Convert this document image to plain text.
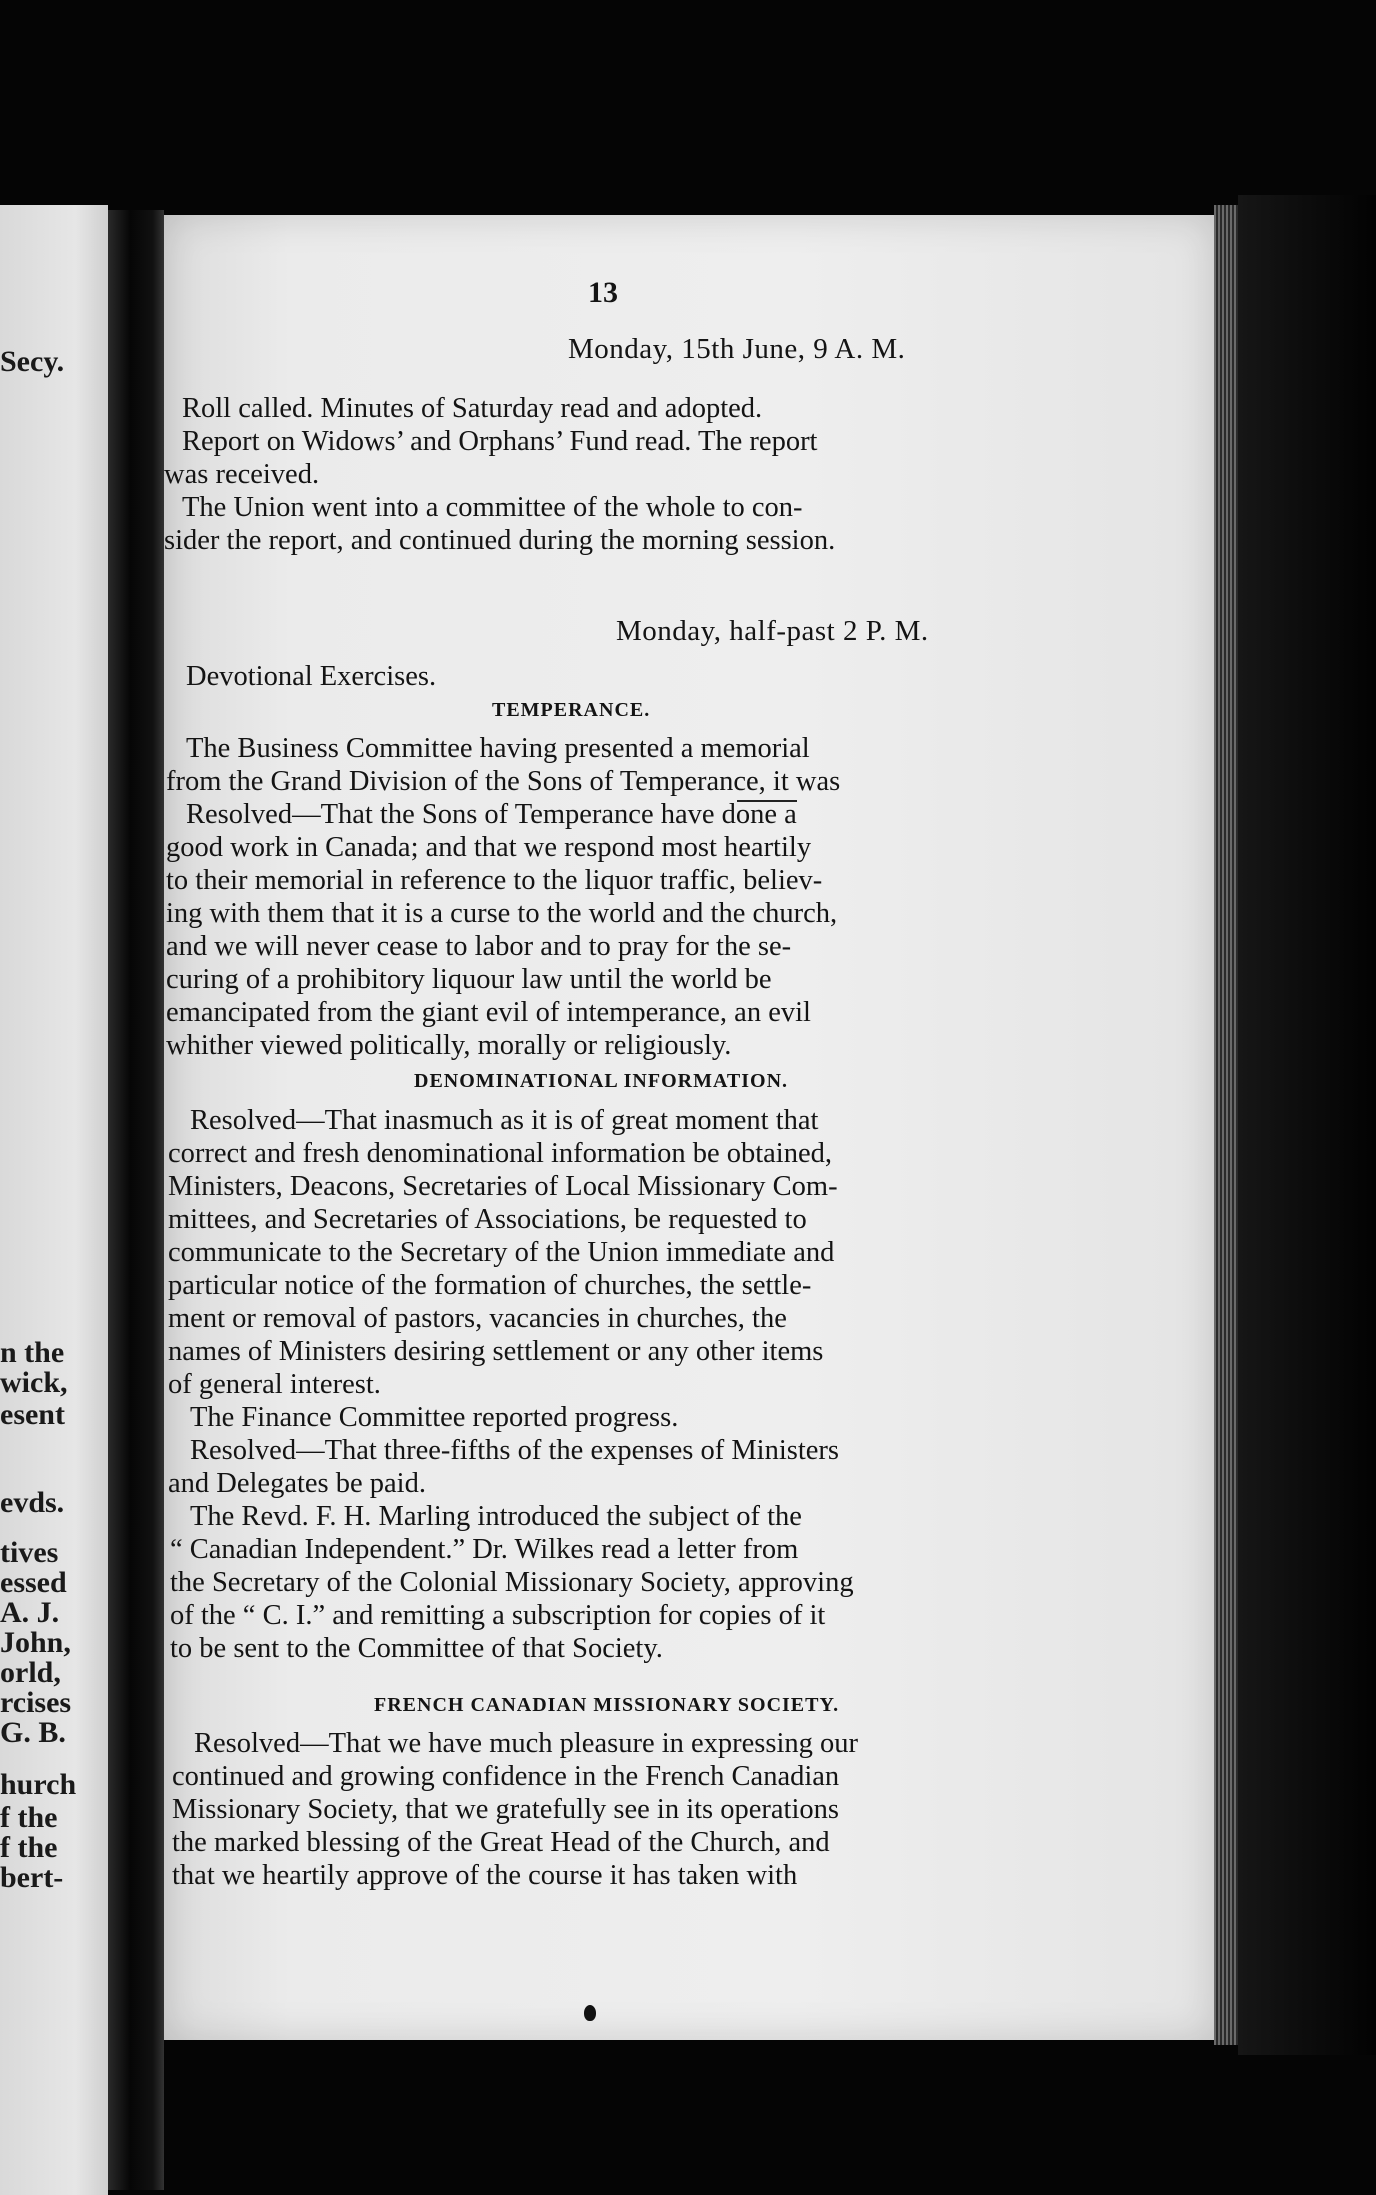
Secy.
n the
wick,
esent
evds.
tives
essed
A. J.
John,
orld,
rcises
G. B.
hurch
f the
f the
bert-
13
Monday, 15th June, 9 A. M.
Roll called. Minutes of Saturday read and adopted.
Report on Widows’ and Orphans’ Fund read. The report
was received.
The Union went into a committee of the whole to con-
sider the report, and continued during the morning session.
Monday, half-past 2 P. M.
Devotional Exercises.
TEMPERANCE.
The Business Committee having presented a memorial
from the Grand Division of the Sons of Temperance, it was
Resolved—That the Sons of Temperance have done a
good work in Canada; and that we respond most heartily
to their memorial in reference to the liquor traffic, believ-
ing with them that it is a curse to the world and the church,
and we will never cease to labor and to pray for the se-
curing of a prohibitory liquour law until the world be
emancipated from the giant evil of intemperance, an evil
whither viewed politically, morally or religiously.
DENOMINATIONAL INFORMATION.
Resolved—That inasmuch as it is of great moment that
correct and fresh denominational information be obtained,
Ministers, Deacons, Secretaries of Local Missionary Com-
mittees, and Secretaries of Associations, be requested to
communicate to the Secretary of the Union immediate and
particular notice of the formation of churches, the settle-
ment or removal of pastors, vacancies in churches, the
names of Ministers desiring settlement or any other items
of general interest.
The Finance Committee reported progress.
Resolved—That three-fifths of the expenses of Ministers
and Delegates be paid.
The Revd. F. H. Marling introduced the subject of the
“ Canadian Independent.” Dr. Wilkes read a letter from
the Secretary of the Colonial Missionary Society, approving
of the “ C. I.” and remitting a subscription for copies of it
to be sent to the Committee of that Society.
FRENCH CANADIAN MISSIONARY SOCIETY.
Resolved—That we have much pleasure in expressing our
continued and growing confidence in the French Canadian
Missionary Society, that we gratefully see in its operations
the marked blessing of the Great Head of the Church, and
that we heartily approve of the course it has taken with
